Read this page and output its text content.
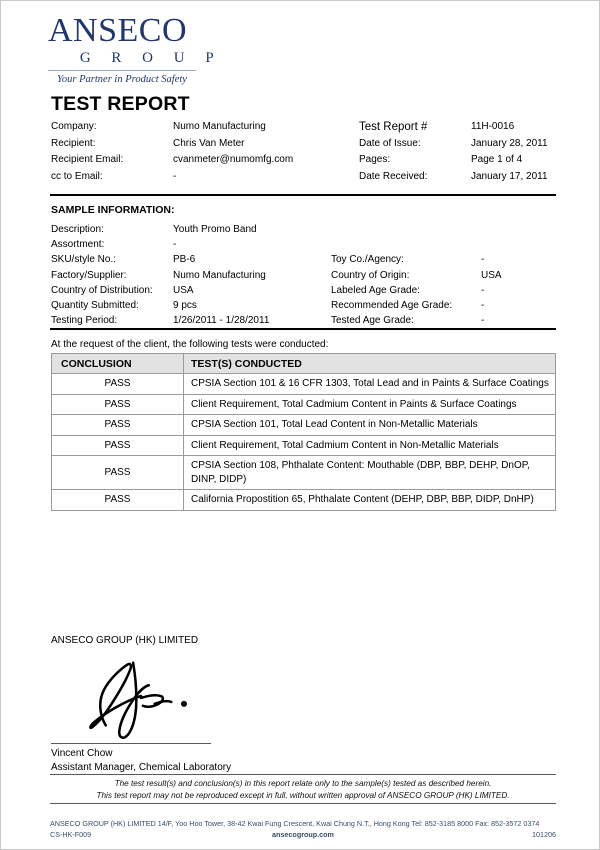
ANSECO
G R O U P
Your Partner in Product Safety
TEST REPORT
Company:	Numo Manufacturing	Test Report #	11H-0016
Recipient:	Chris Van Meter	Date of Issue:	January 28, 2011
Recipient Email:	cvanmeter@numomfg.com	Pages:	Page 1 of 4
cc to Email:	-	Date Received:	January 17, 2011
SAMPLE INFORMATION:
Description:	Youth Promo Band
Assortment:	-
SKU/style No.:	PB-6	Toy Co./Agency:	-
Factory/Supplier:	Numo Manufacturing	Country of Origin:	USA
Country of Distribution:	USA	Labeled Age Grade:	-
Quantity Submitted:	9 pcs	Recommended Age Grade:	-
Testing Period:	1/26/2011 - 1/28/2011	Tested Age Grade:	-
At the request of the client, the following tests were conducted:
CONCLUSION	TEST(S) CONDUCTED
PASS	CPSIA Section 101 & 16 CFR 1303, Total Lead and in Paints & Surface Coatings
PASS	Client Requirement, Total Cadmium Content in Paints & Surface Coatings
PASS	CPSIA Section 101, Total Lead Content in Non-Metallic Materials
PASS	Client Requirement, Total Cadmium Content in Non-Metallic Materials
PASS	CPSIA Section 108, Phthalate Content: Mouthable (DBP, BBP, DEHP, DnOP, DINP, DIDP)
PASS	California Propostition 65, Phthalate Content (DEHP, DBP, BBP, DIDP, DnHP)
ANSECO GROUP (HK) LIMITED
Vincent Chow
Assistant Manager, Chemical Laboratory
The test result(s) and conclusion(s) in this report relate only to the sample(s) tested as described herein.
This test report may not be reproduced except in full, without written approval of ANSECO GROUP (HK) LIMITED.
ANSECO GROUP (HK) LIMITED 14/F, Yoo Hoo Tower, 38-42 Kwai Fung Crescent, Kwai Chung N.T., Hong Kong Tel: 852-3185 8000 Fax: 852-3572 0374
CS-HK-F009	ansecogroup.com	101206
